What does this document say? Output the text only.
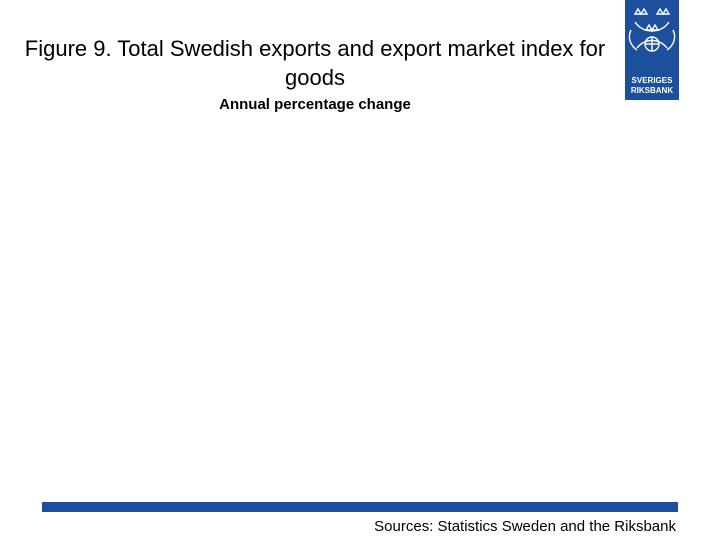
Figure 9. Total Swedish exports and export market index for goods
Annual percentage change
SVERIGES
RIKSBANK
Sources: Statistics Sweden and the Riksbank
